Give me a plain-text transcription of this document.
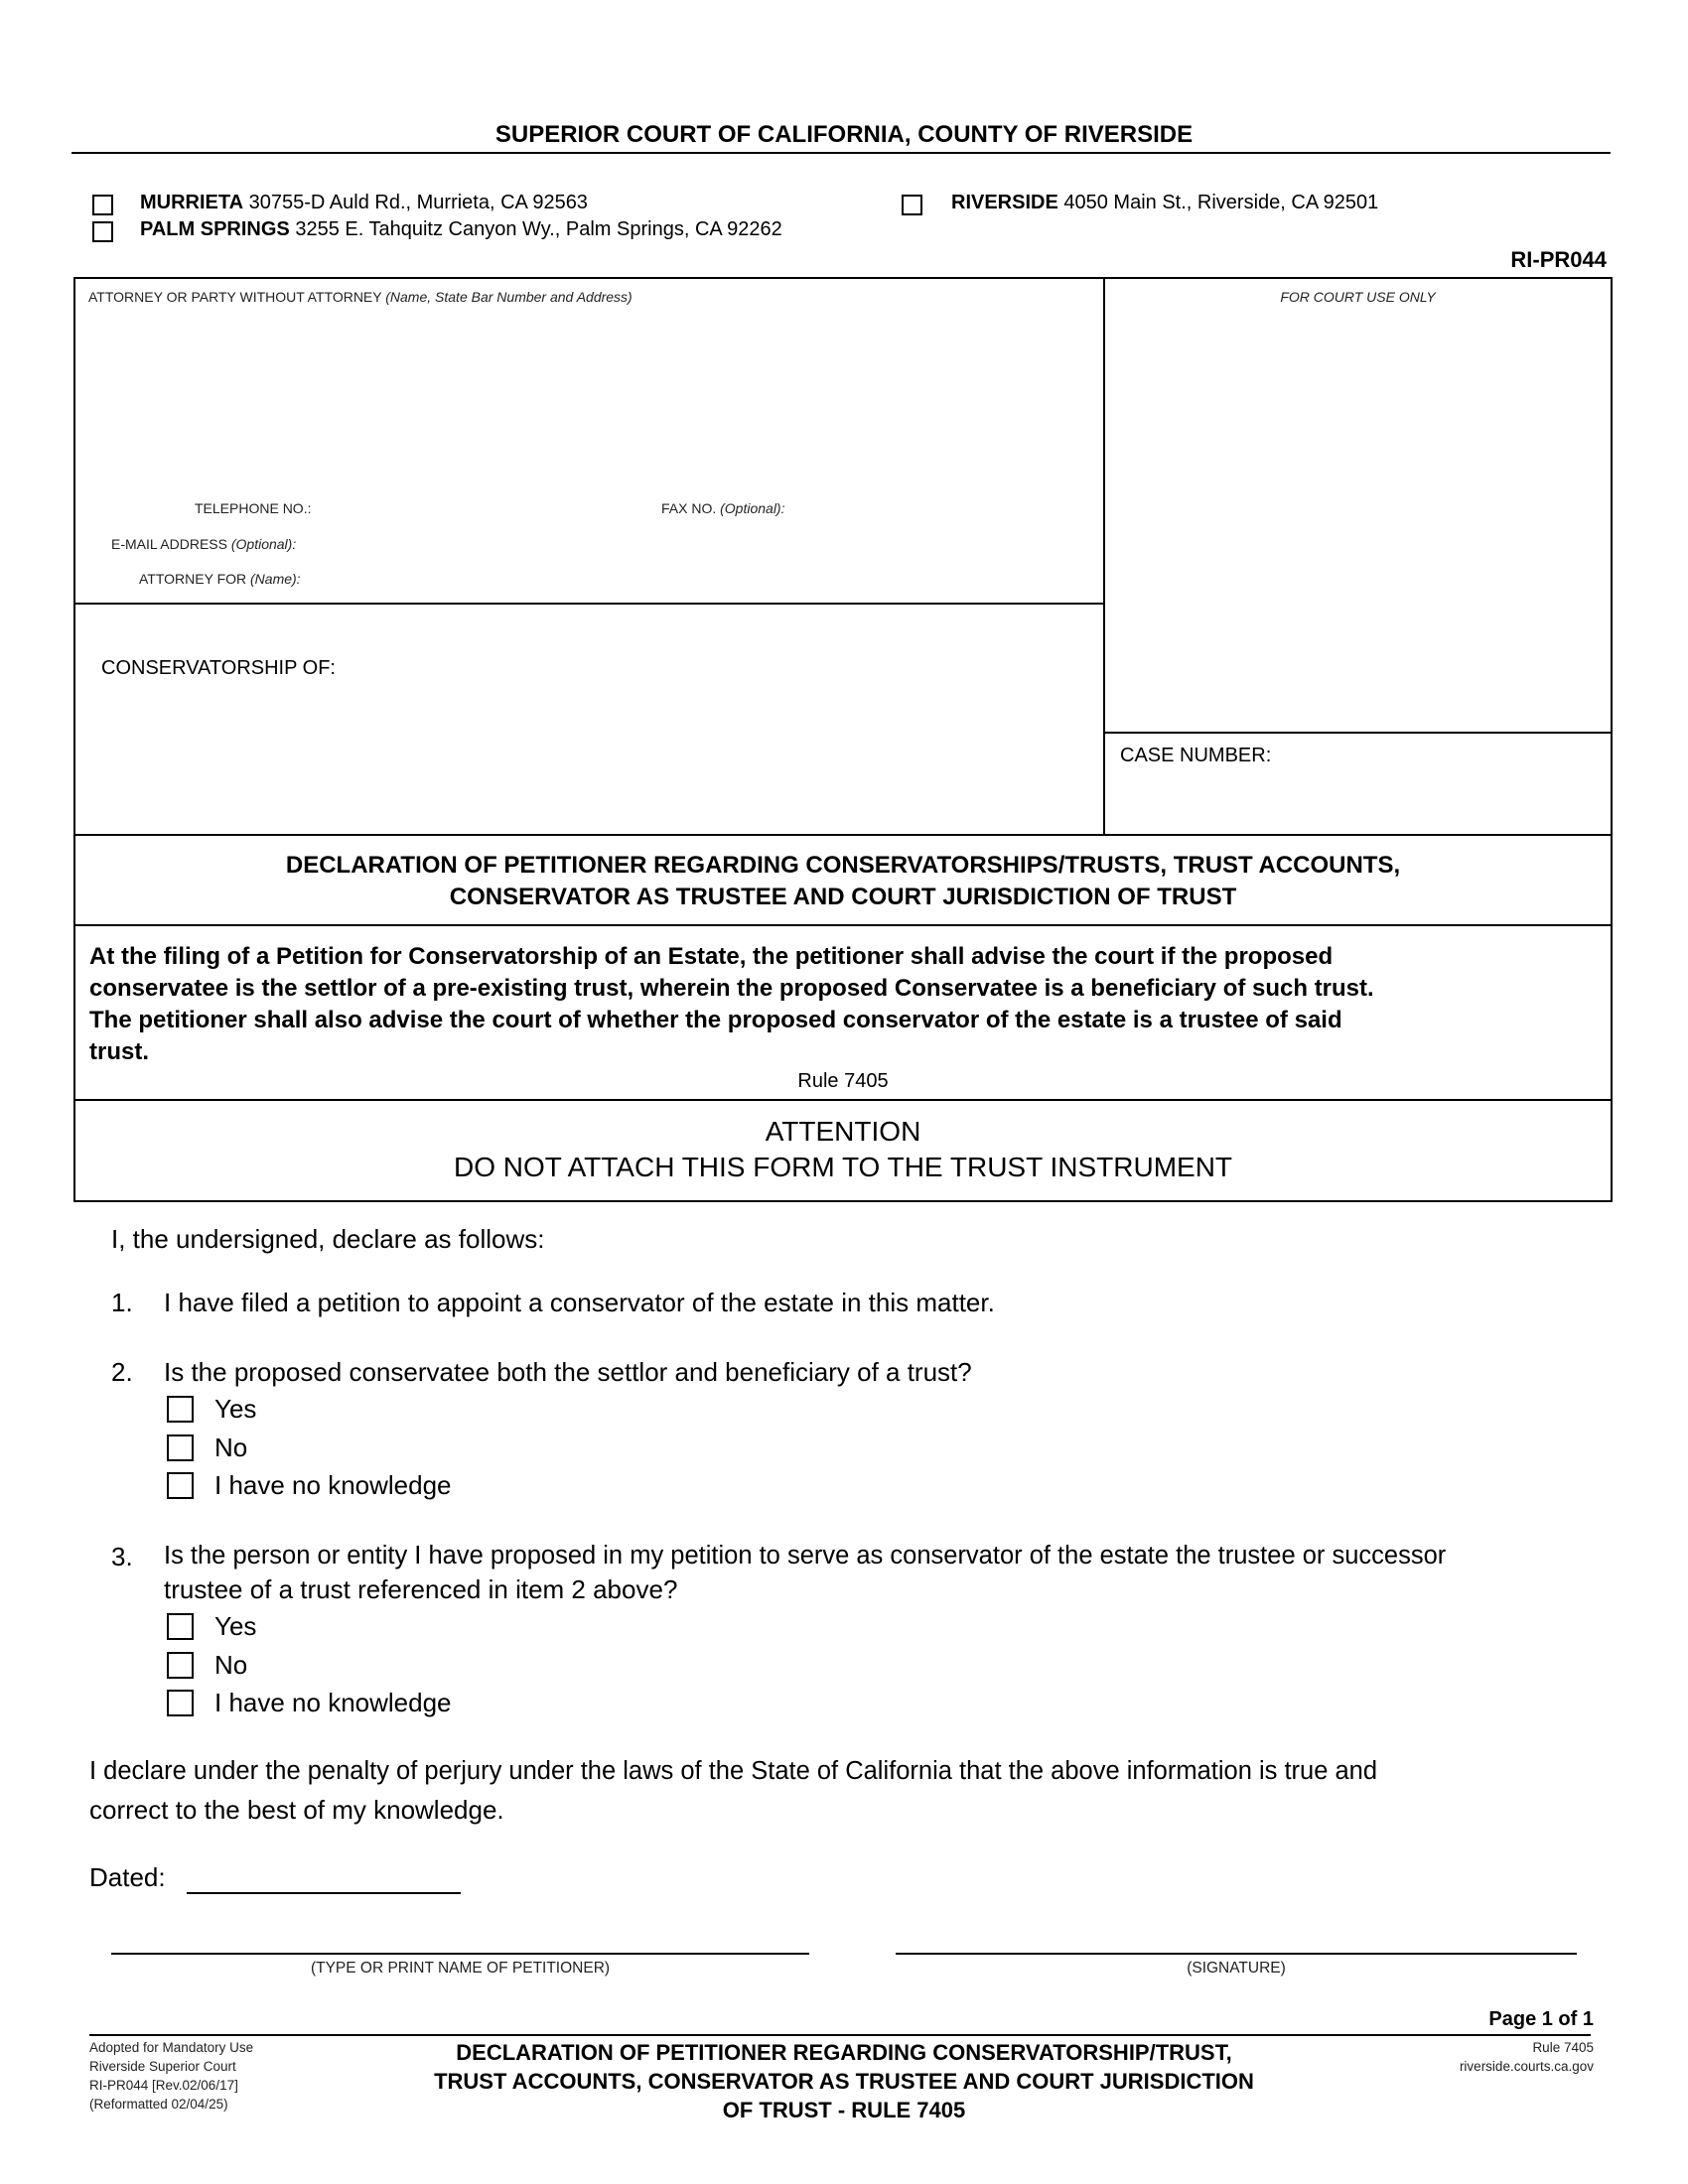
SUPERIOR COURT OF CALIFORNIA, COUNTY OF RIVERSIDE
MURRIETA 30755-D Auld Rd., Murrieta, CA 92563
PALM SPRINGS 3255 E. Tahquitz Canyon Wy., Palm Springs, CA 92262
RIVERSIDE 4050 Main St., Riverside, CA 92501
RI-PR044
ATTORNEY OR PARTY WITHOUT ATTORNEY (Name, State Bar Number and Address)
TELEPHONE NO.:	FAX NO. (Optional):
E-MAIL ADDRESS (Optional):
ATTORNEY FOR (Name):
FOR COURT USE ONLY
CONSERVATORSHIP OF:
CASE NUMBER:
DECLARATION OF PETITIONER REGARDING CONSERVATORSHIPS/TRUSTS, TRUST ACCOUNTS,
CONSERVATOR AS TRUSTEE AND COURT JURISDICTION OF TRUST
At the filing of a Petition for Conservatorship of an Estate, the petitioner shall advise the court if the proposed
conservatee is the settlor of a pre-existing trust, wherein the proposed Conservatee is a beneficiary of such trust.
The petitioner shall also advise the court of whether the proposed conservator of the estate is a trustee of said
trust.
Rule 7405
ATTENTION
DO NOT ATTACH THIS FORM TO THE TRUST INSTRUMENT
I, the undersigned, declare as follows:
1. I have filed a petition to appoint a conservator of the estate in this matter.
2. Is the proposed conservatee both the settlor and beneficiary of a trust?
Yes
No
I have no knowledge
3. Is the person or entity I have proposed in my petition to serve as conservator of the estate the trustee or successor
trustee of a trust referenced in item 2 above?
Yes
No
I have no knowledge
I declare under the penalty of perjury under the laws of the State of California that the above information is true and
correct to the best of my knowledge.
Dated:
(TYPE OR PRINT NAME OF PETITIONER)	(SIGNATURE)
Page 1 of 1
Adopted for Mandatory Use
Riverside Superior Court
RI-PR044 [Rev.02/06/17]
(Reformatted 02/04/25)
DECLARATION OF PETITIONER REGARDING CONSERVATORSHIP/TRUST,
TRUST ACCOUNTS, CONSERVATOR AS TRUSTEE AND COURT JURISDICTION
OF TRUST - RULE 7405
Rule 7405
riverside.courts.ca.gov
